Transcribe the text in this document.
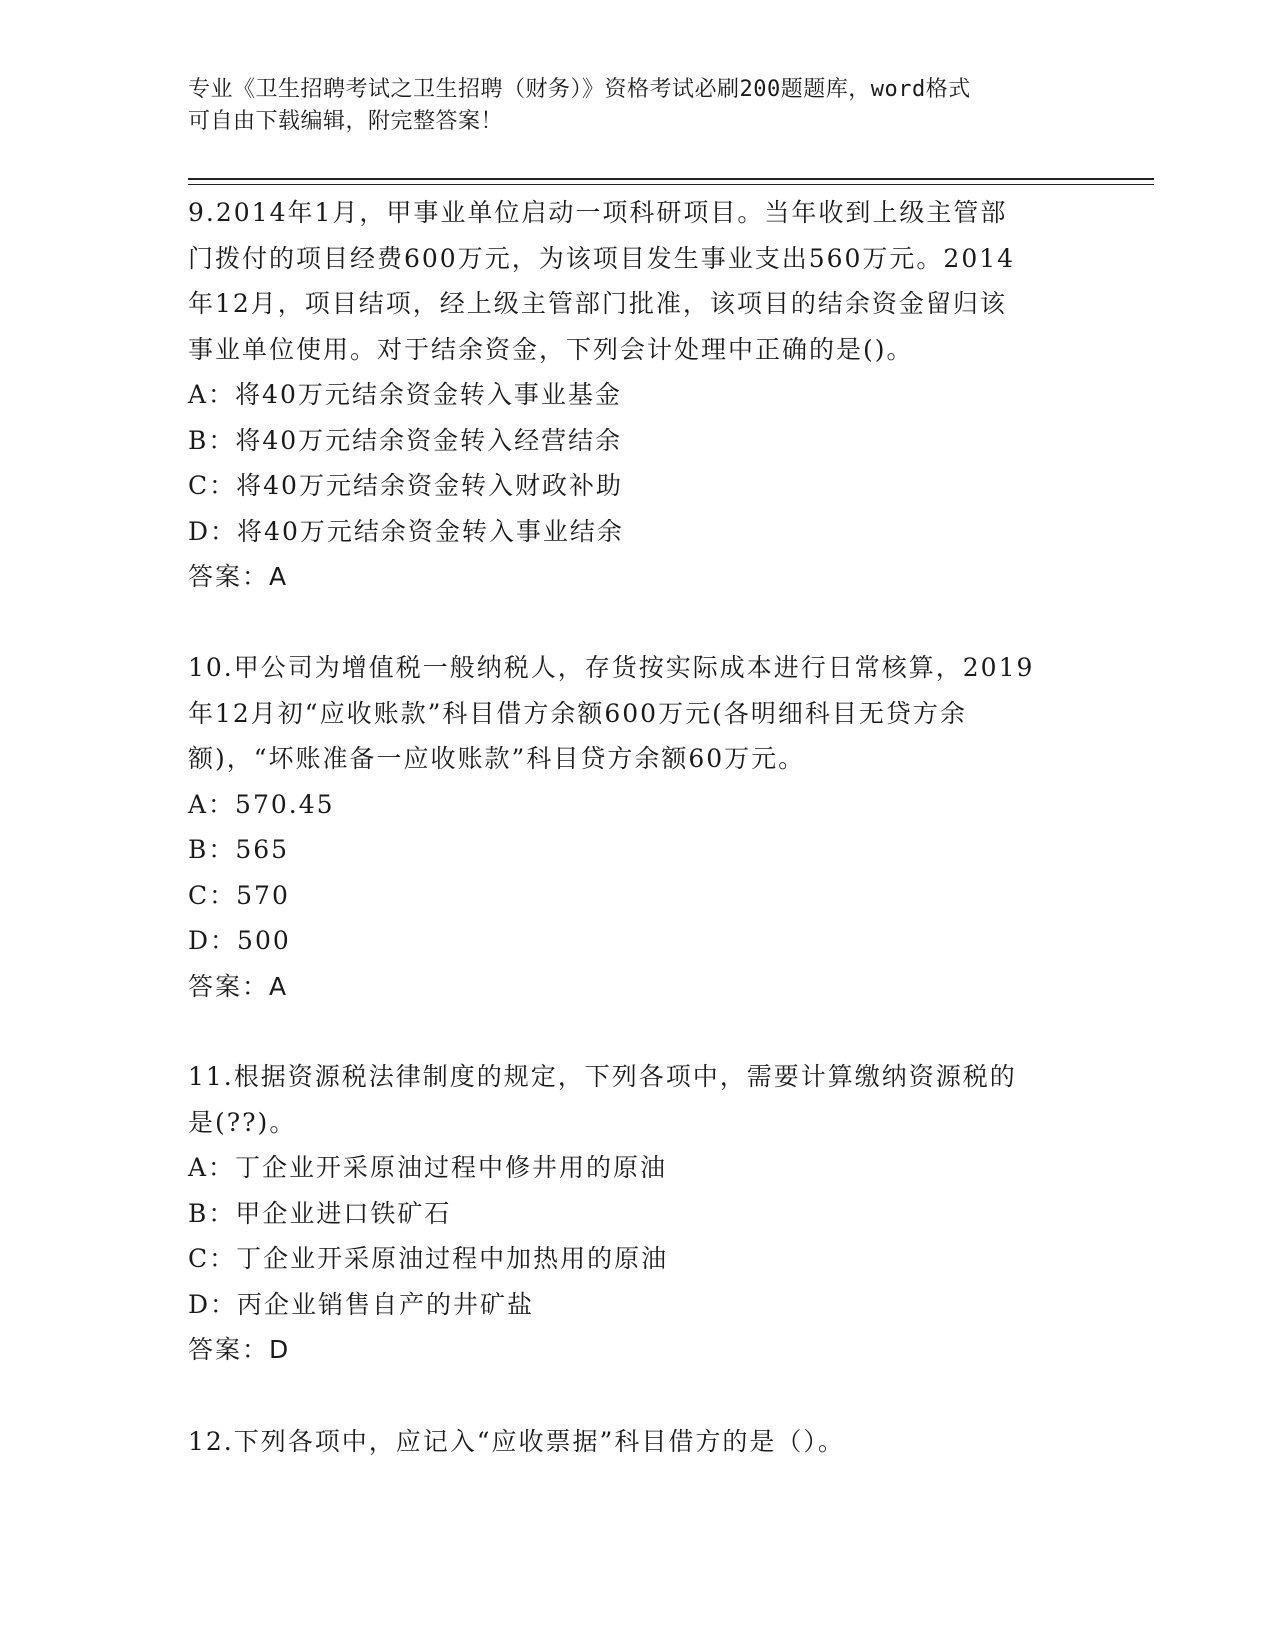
专业《卫生招聘考试之卫生招聘（财务）》资格考试必刷200题题库，word格式
可自由下载编辑，附完整答案！
9.2014年1月，甲事业单位启动一项科研项目。当年收到上级主管部
门拨付的项目经费600万元，为该项目发生事业支出560万元。2014
年12月，项目结项，经上级主管部门批准，该项目的结余资金留归该
事业单位使用。对于结余资金，下列会计处理中正确的是()。
A：将40万元结余资金转入事业基金
B：将40万元结余资金转入经营结余
C：将40万元结余资金转入财政补助
D：将40万元结余资金转入事业结余
答案：A
10.甲公司为增值税一般纳税人，存货按实际成本进行日常核算，2019
年12月初“应收账款”科目借方余额600万元(各明细科目无贷方余
额)，“坏账准备一应收账款”科目贷方余额60万元。
A：570.45
B：565
C：570
D：500
答案：A
11.根据资源税法律制度的规定，下列各项中，需要计算缴纳资源税的
是(??)。
A：丁企业开采原油过程中修井用的原油
B：甲企业进口铁矿石
C：丁企业开采原油过程中加热用的原油
D：丙企业销售自产的井矿盐
答案：D
12.下列各项中，应记入“应收票据”科目借方的是（）。
